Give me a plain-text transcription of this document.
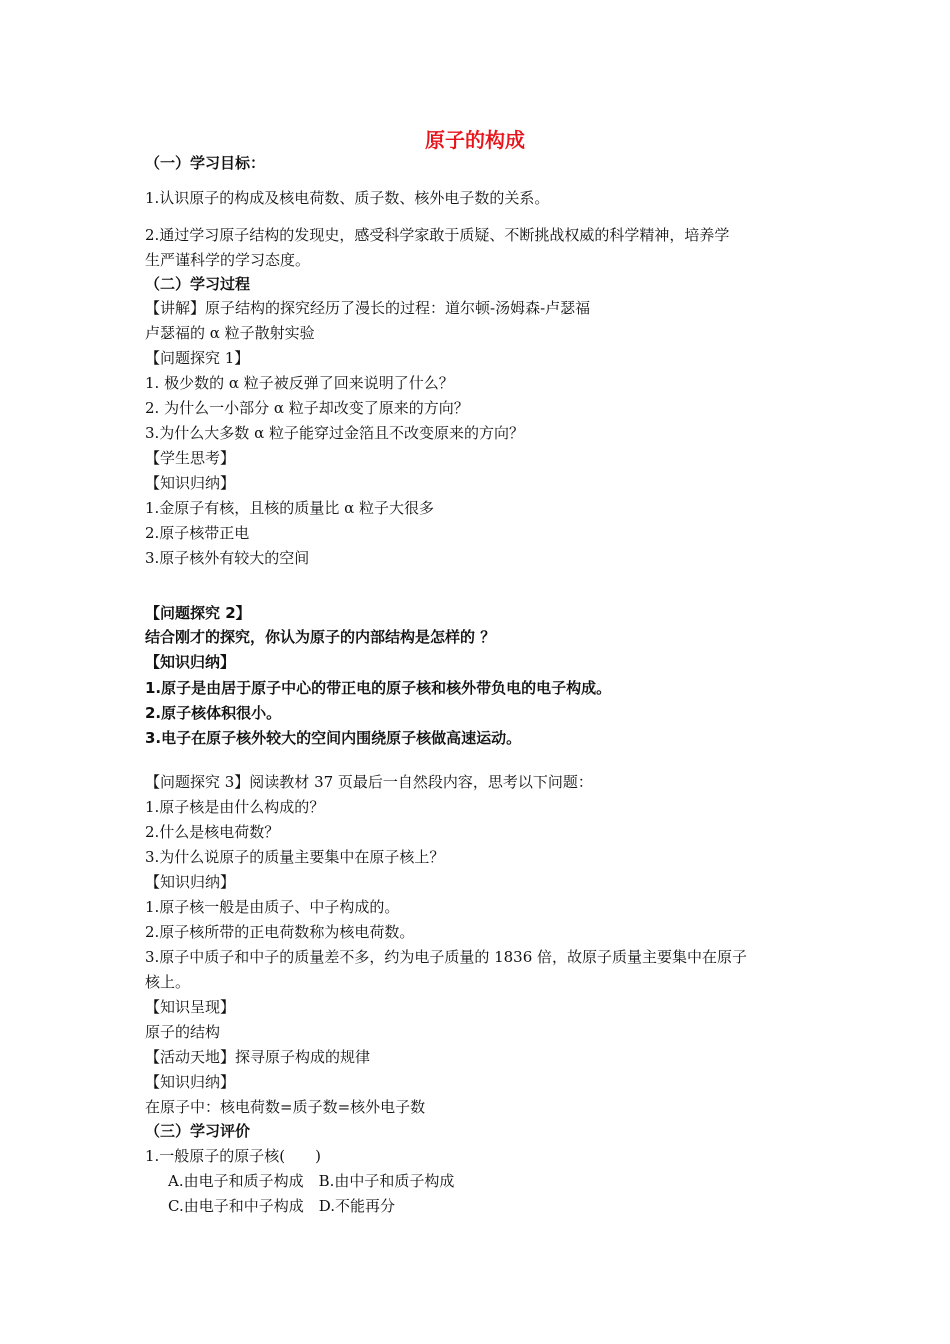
原子的构成
（一）学习目标：
1.认识原子的构成及核电荷数、质子数、核外电子数的关系。
2.通过学习原子结构的发现史，感受科学家敢于质疑、不断挑战权威的科学精神，培养学
生严谨科学的学习态度。
（二）学习过程
【讲解】原子结构的探究经历了漫长的过程：道尔顿-汤姆森-卢瑟福
卢瑟福的 α 粒子散射实验
【问题探究 1】
1. 极少数的 α 粒子被反弹了回来说明了什么？
2. 为什么一小部分 α 粒子却改变了原来的方向？
3.为什么大多数 α 粒子能穿过金箔且不改变原来的方向？
【学生思考】
【知识归纳】
1.金原子有核，且核的质量比 α 粒子大很多
2.原子核带正电
3.原子核外有较大的空间
【问题探究 2】
结合刚才的探究，你认为原子的内部结构是怎样的 ？
【知识归纳】
1.原子是由居于原子中心的带正电的原子核和核外带负电的电子构成。
2.原子核体积很小。
3.电子在原子核外较大的空间内围绕原子核做高速运动。
【问题探究 3】阅读教材 37 页最后一自然段内容，思考以下问题：
1.原子核是由什么构成的？
2.什么是核电荷数？
3.为什么说原子的质量主要集中在原子核上？
【知识归纳】
1.原子核一般是由质子、中子构成的。
2.原子核所带的正电荷数称为核电荷数。
3.原子中质子和中子的质量差不多，约为电子质量的 1836 倍，故原子质量主要集中在原子
核上。
【知识呈现】
原子的结构
【活动天地】探寻原子构成的规律
【知识归纳】
在原子中：核电荷数=质子数=核外电子数
（三）学习评价
1.一般原子的原子核(　　)
A.由电子和质子构成　B.由中子和质子构成
C.由电子和中子构成　D.不能再分
